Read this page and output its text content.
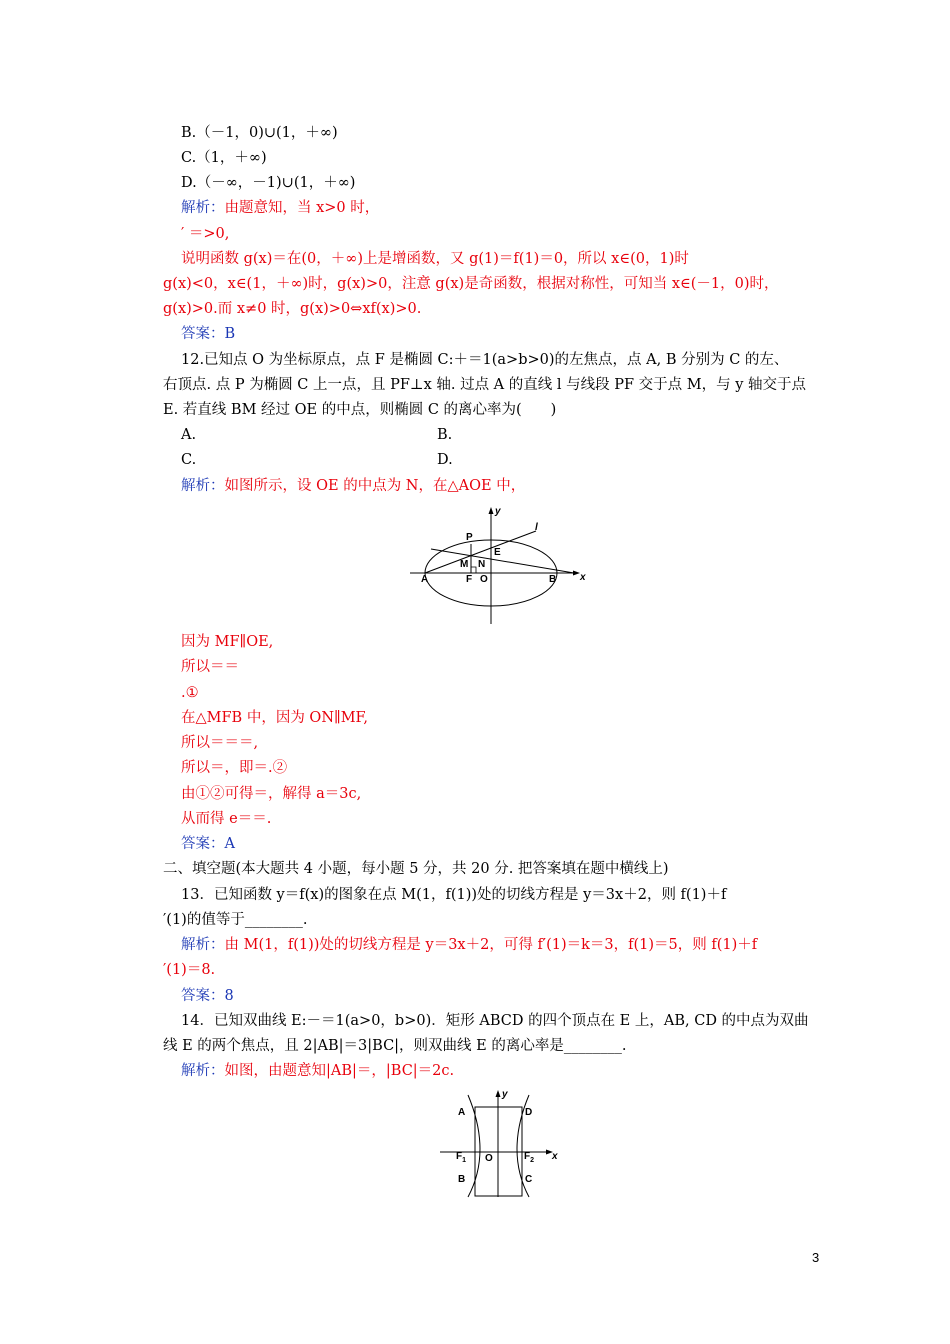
B.（－1，0)∪(1，＋∞)
C.（1，＋∞)
D.（－∞，－1)∪(1，＋∞)
解析：由题意知，当 x>0 时，
′ ＝>0,
说明函数 g(x)＝在(0，＋∞)上是增函数，又 g(1)＝f(1)＝0，所以 x∈(0，1)时
g(x)<0，x∈(1，＋∞)时，g(x)>0，注意 g(x)是奇函数，根据对称性，可知当 x∈(－1，0)时，
g(x)>0.而 x≠0 时，g(x)>0⇔xf(x)>0.
答案：B
12.已知点 O 为坐标原点，点 F 是椭圆 C:＋＝1(a>b>0)的左焦点，点 A, B 分别为 C 的左、
右顶点. 点 P 为椭圆 C 上一点，且 PF⊥x 轴. 过点 A 的直线 l 与线段 PF 交于点 M，与 y 轴交于点
E. 若直线 BM 经过 OE 的中点，则椭圆 C 的离心率为(　　)
A.	B.
C.	D.
解析：如图所示，设 OE 的中点为 N，在△AOE 中，
因为 MF∥OE,
所以＝＝
.①
在△MFB 中，因为 ON∥MF,
所以＝＝＝,
所以＝，即＝.②
由①②可得＝，解得 a＝3c,
从而得 e＝＝.
答案：A
二、填空题(本大题共 4 小题，每小题 5 分，共 20 分. 把答案填在题中横线上)
13．已知函数 y＝f(x)的图象在点 M(1，f(1))处的切线方程是 y＝3x＋2，则 f(1)＋f
′(1)的值等于________.
解析：由 M(1，f(1))处的切线方程是 y＝3x＋2，可得 f′(1)＝k＝3，f(1)＝5，则 f(1)＋f
′(1)＝8.
答案：8
14．已知双曲线 E:－＝1(a>0，b>0)．矩形 ABCD 的四个顶点在 E 上，AB, CD 的中点为双曲
线 E 的两个焦点，且 2|AB|＝3|BC|，则双曲线 E 的离心率是________.
解析：如图，由题意知|AB|＝，|BC|＝2c.
y
l
P
E
M N
A	F O	B x
y
A	D
$F_1$ O	$F_2$ x
B	C
3
